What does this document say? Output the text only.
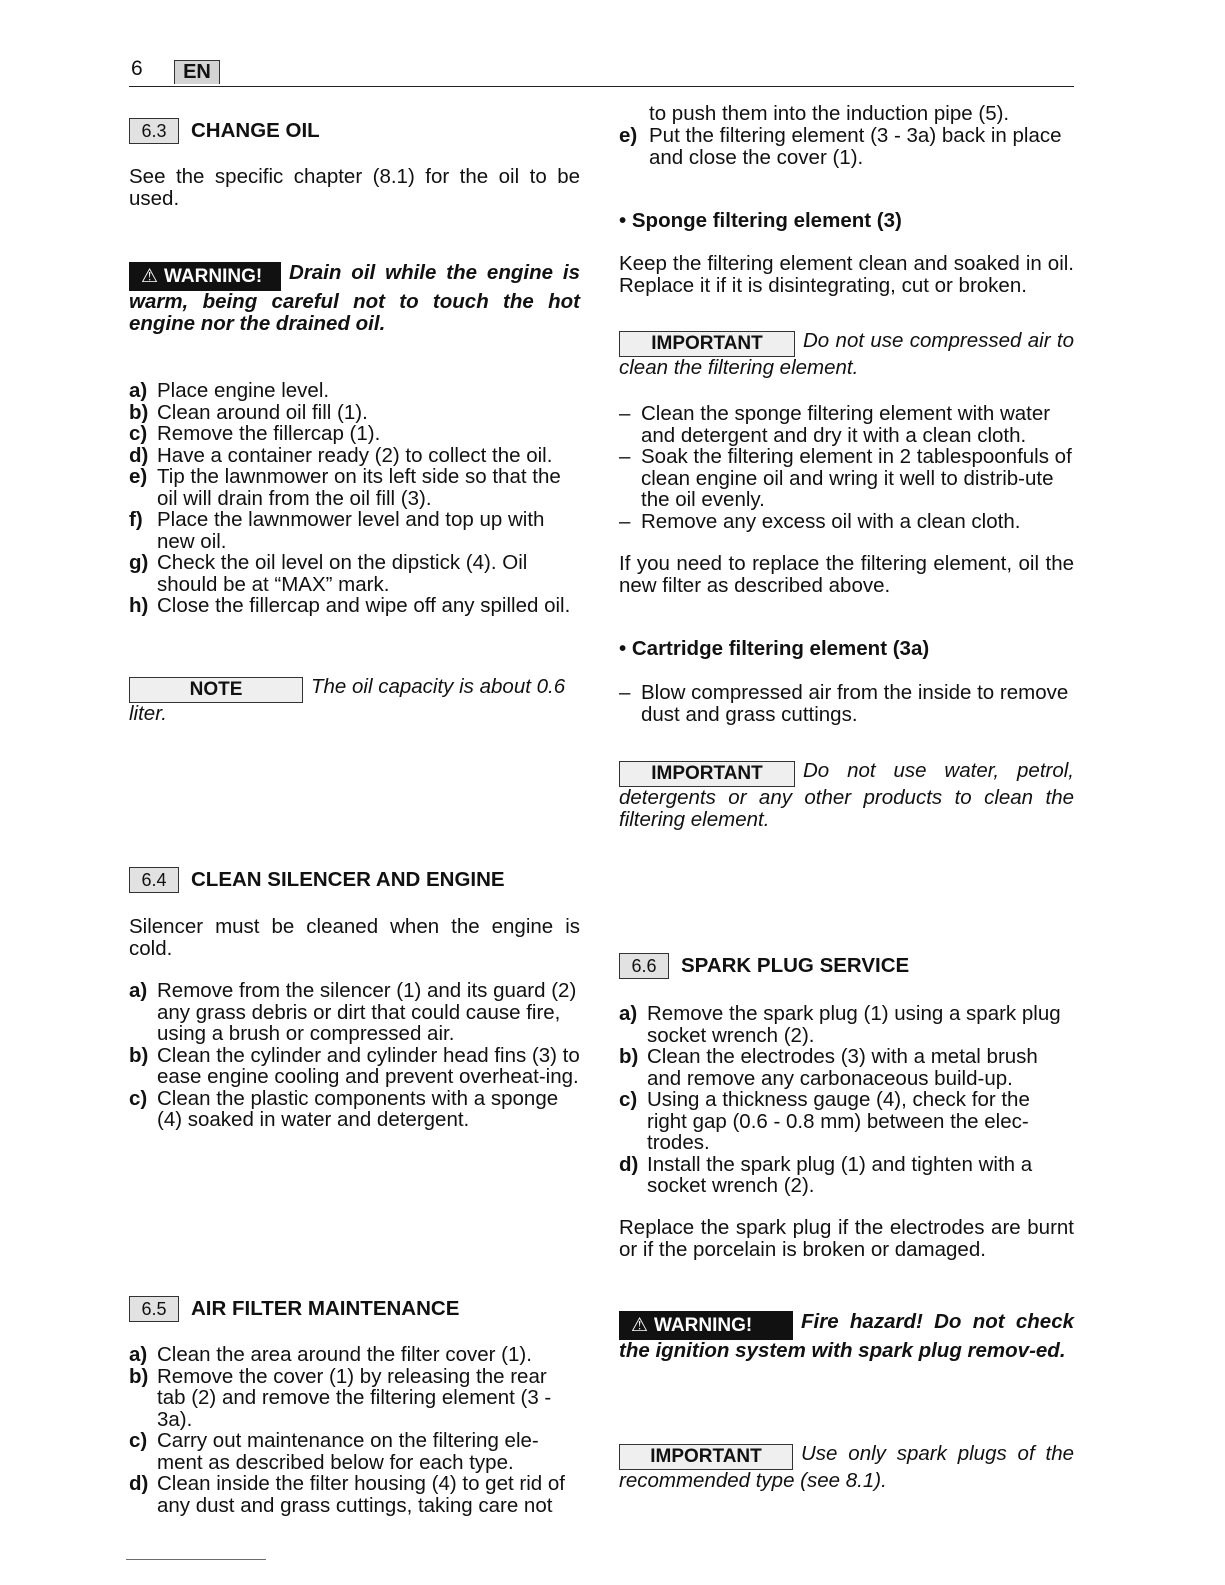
6	EN
6.3	CHANGE OIL
See the specific chapter (8.1) for the oil to be used.
⚠ WARNING! Drain oil while the engine is warm, being careful not to touch the hot engine nor the drained oil.
a) Place engine level.
b) Clean around oil fill (1).
c) Remove the fillercap (1).
d) Have a container ready (2) to collect the oil.
e) Tip the lawnmower on its left side so that the oil will drain from the oil fill (3).
f) Place the lawnmower level and top up with new oil.
g) Check the oil level on the dipstick (4). Oil should be at “MAX” mark.
h) Close the fillercap and wipe off any spilled oil.
NOTE	The oil capacity is about 0.6 liter.
6.4	CLEAN SILENCER AND ENGINE
Silencer must be cleaned when the engine is cold.
a) Remove from the silencer (1) and its guard (2) any grass debris or dirt that could cause fire, using a brush or compressed air.
b) Clean the cylinder and cylinder head fins (3) to ease engine cooling and prevent overheat-ing.
c) Clean the plastic components with a sponge (4) soaked in water and detergent.
6.5	AIR FILTER MAINTENANCE
a) Clean the area around the filter cover (1).
b) Remove the cover (1) by releasing the rear tab (2) and remove the filtering element (3 - 3a).
c) Carry out maintenance on the filtering ele-ment as described below for each type.
d) Clean inside the filter housing (4) to get rid of any dust and grass cuttings, taking care not
to push them into the induction pipe (5).
e) Put the filtering element (3 - 3a) back in place and close the cover (1).
• Sponge filtering element (3)
Keep the filtering element clean and soaked in oil. Replace it if it is disintegrating, cut or broken.
IMPORTANT Do not use compressed air to clean the filtering element.
– Clean the sponge filtering element with water and detergent and dry it with a clean cloth.
– Soak the filtering element in 2 tablespoonfuls of clean engine oil and wring it well to distrib-ute the oil evenly.
– Remove any excess oil with a clean cloth.
If you need to replace the filtering element, oil the new filter as described above.
• Cartridge filtering element (3a)
– Blow compressed air from the inside to remove dust and grass cuttings.
IMPORTANT Do not use water, petrol, detergents or any other products to clean the filtering element.
6.6	SPARK PLUG SERVICE
a) Remove the spark plug (1) using a spark plug socket wrench (2).
b) Clean the electrodes (3) with a metal brush and remove any carbonaceous build-up.
c) Using a thickness gauge (4), check for the right gap (0.6 - 0.8 mm) between the elec-trodes.
d) Install the spark plug (1) and tighten with a socket wrench (2).
Replace the spark plug if the electrodes are burnt or if the porcelain is broken or damaged.
⚠ WARNING! Fire hazard! Do not check the ignition system with spark plug remov-ed.
IMPORTANT Use only spark plugs of the recommended type (see 8.1).
